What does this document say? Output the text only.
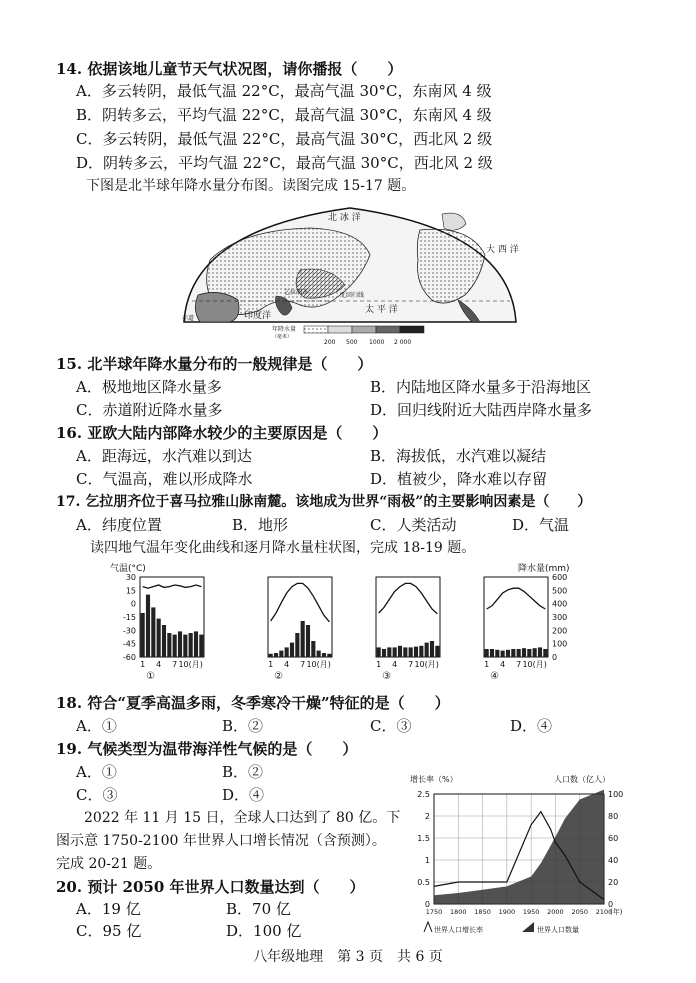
14. 依据该地儿童节天气状况图，请你播报（　　）
A．多云转阴，最低气温 22°C，最高气温 30°C，东南风 4 级
B．阴转多云，平均气温 22°C，最高气温 30°C，东南风 4 级
C．多云转阴，最低气温 22°C，最高气温 30°C，西北风 2 级
D．阴转多云，平均气温 22°C，最高气温 30°C，西北风 2 级
下图是北半球年降水量分布图。读图完成 15-17 题。
北 冰 洋
北回归线
乞拉朋齐
太 平 洋
大 西 洋
印度洋
赤道
年降水量
（毫米）
200 500 1000 2 000
15. 北半球年降水量分布的一般规律是（　　）
A．极地地区降水量多	B．内陆地区降水量多于沿海地区
C．赤道附近降水量多	D．回归线附近大陆西岸降水量多
16. 亚欧大陆内部降水较少的主要原因是（　　）
A．距海远，水汽难以到达	B．海拔低，水汽难以凝结
C．气温高，难以形成降水	D．植被少，降水难以存留
17. 乞拉朋齐位于喜马拉雅山脉南麓。该地成为世界“雨极”的主要影响因素是（　　）
A．纬度位置	B．地形	C．人类活动	D．气温
读四地气温年变化曲线和逐月降水量柱状图，完成 18-19 题。
气温(°C)
30
15
0
-15
-30
-45
-60
降水量(mm)
600
500
400
300
200
100
0
1 4 7 10(月)
①
1 4 7 10(月)
②
1 4 7 10(月)
③
1 4 7 10(月)
④
18. 符合“夏季高温多雨，冬季寒冷干燥”特征的是（　　）
A．①	B．②	C．③	D．④
19. 气候类型为温带海洋性气候的是（　　）
A．①	B．②
C．③	D．④
2022 年 11 月 15 日，全球人口达到了 80 亿。下
图示意 1750-2100 年世界人口增长情况（含预测）。
完成 20-21 题。
20. 预计 2050 年世界人口数量达到（　　）
A．19 亿	B．70 亿
C．95 亿	D．100 亿
增长率（%）	人口数（亿人）
2.5
2
1.5
1
0.5
0
100
80
60
40
20
0
1750 1800 1850 1900 1950 2000 2050 2100
(年)
世界人口增长率	世界人口数量
八年级地理　第 3 页　共 6 页
